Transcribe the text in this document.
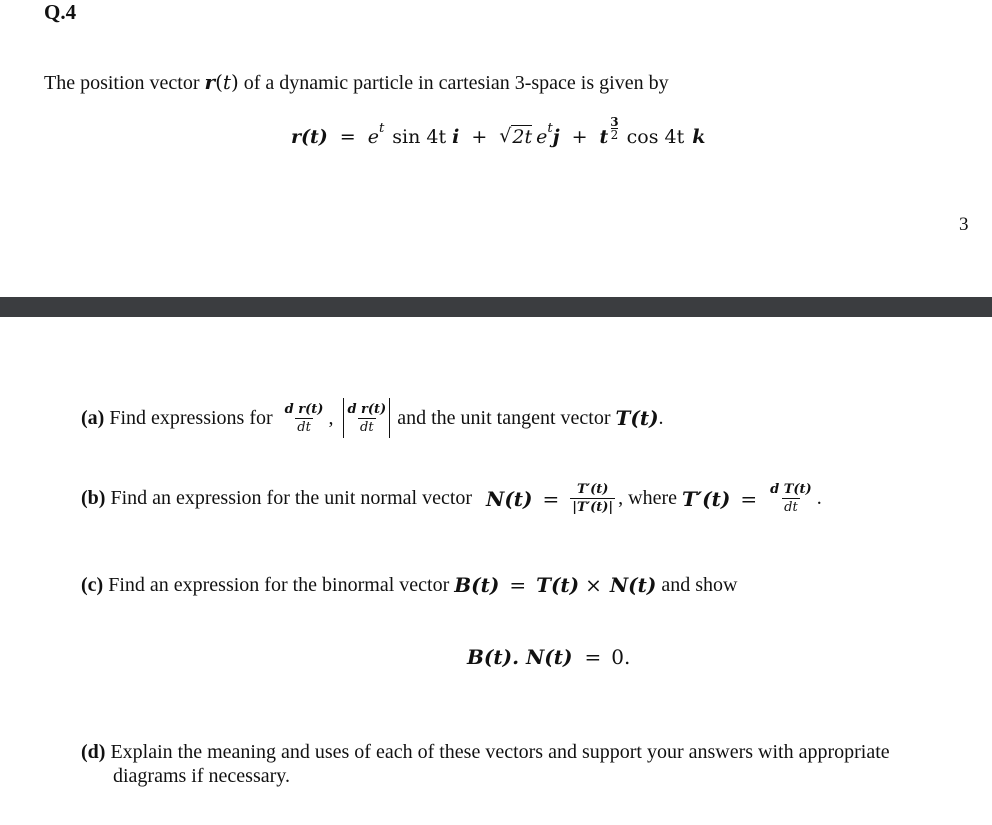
Q.4
The position vector r(t) of a dynamic particle in cartesian 3-space is given by
$r(t) = e^t$ sin 4t i + √ 2t $e^t$ j + t
3
2 cos 4t k
3
(a)
Find expressions for $\frac{\text{d r(t)}}{dt}$ , $\frac{\text{d r(t)}}{dt}$
and the unit tangent vector
T(t) .
(b)
Find an expression for the unit normal vector $N(t) = \frac{T'(t)}{|T'(t)|}$ ,
where
$T'(t) = \frac{\text{d T(t)}}{dt}$ .
(c)
Find an expression for the binormal vector
B(t) = T(t) × N(t)
and show
B(t). N(t) = 0.
(d) Explain the meaning and uses of each of these vectors and support your answers with appropriate
diagrams if necessary.
